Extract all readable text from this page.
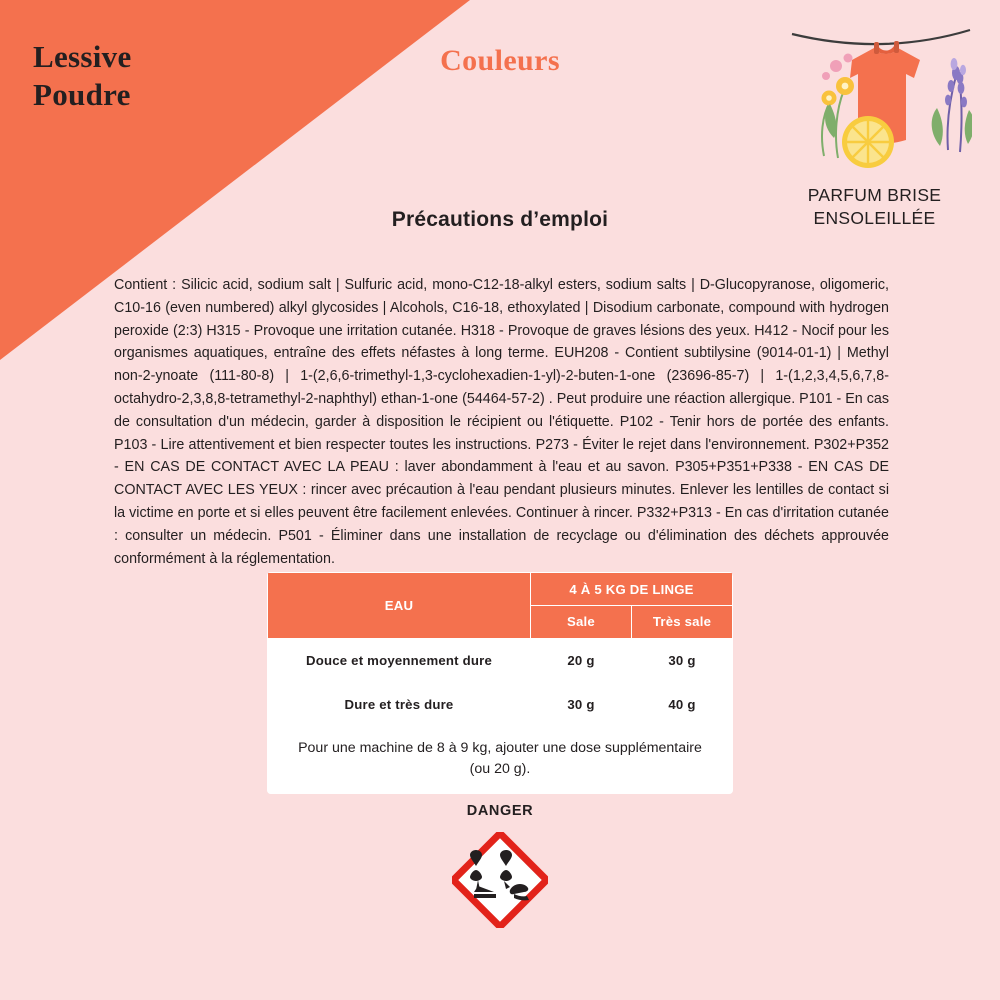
Lessive
Poudre
Couleurs
PARFUM BRISE
ENSOLEILLÉE
Précautions d’emploi
Contient : Silicic acid, sodium salt | Sulfuric acid, mono-C12-18-alkyl esters, sodium salts | D-Glucopyranose, oligomeric, C10-16 (even numbered) alkyl glycosides | Alcohols, C16-18, ethoxylated | Disodium carbonate, compound with hydrogen peroxide (2:3) H315 - Provoque une irritation cutanée. H318 - Provoque de graves lésions des yeux. H412 - Nocif pour les organismes aquatiques, entraîne des effets néfastes à long terme. EUH208 - Contient subtilysine (9014-01-1) | Methyl non-2-ynoate (111-80-8) | 1-(2,6,6-trimethyl-1,3-cyclohexadien-1-yl)-2-buten-1-one (23696-85-7) | 1-(1,2,3,4,5,6,7,8-octahydro-2,3,8,8-tetramethyl-2-naphthyl) ethan-1-one (54464-57-2) . Peut produire une réaction allergique. P101 - En cas de consultation d'un médecin, garder à disposition le récipient ou l'étiquette. P102 - Tenir hors de portée des enfants. P103 - Lire attentivement et bien respecter toutes les instructions. P273 - Éviter le rejet dans l'environnement. P302+P352 - EN CAS DE CONTACT AVEC LA PEAU : laver abondamment à l'eau et au savon. P305+P351+P338 - EN CAS DE CONTACT AVEC LES YEUX : rincer avec précaution à l'eau pendant plusieurs minutes. Enlever les lentilles de contact si la victime en porte et si elles peuvent être facilement enlevées. Continuer à rincer. P332+P313 - En cas d'irritation cutanée : consulter un médecin. P501 - Éliminer dans une installation de recyclage ou d'élimination des déchets approuvée conformément à la réglementation.
EAU	4 À 5 KG DE LINGE	
	Sale	Très sale
Douce et moyennement dure	20 g	30 g
Dure et très dure	30 g	40 g
Pour une machine de 8 à 9 kg, ajouter une dose supplémentaire (ou 20 g).
DANGER
